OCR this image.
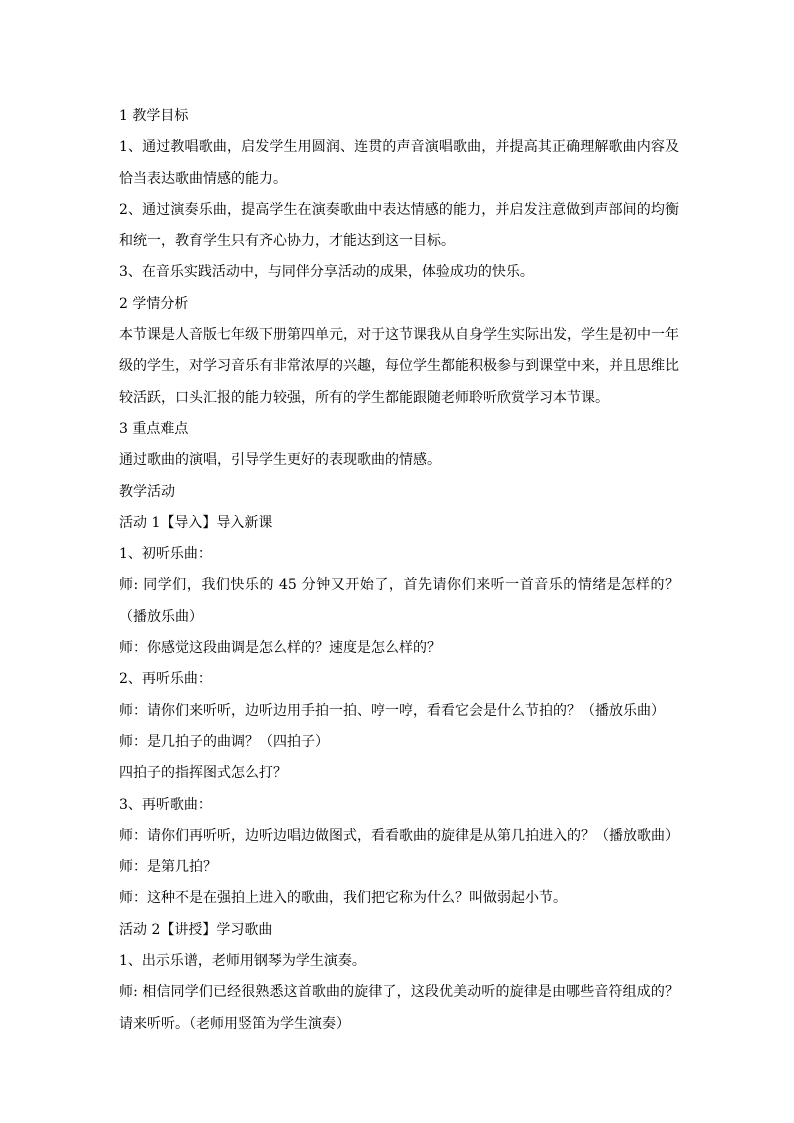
1 教学目标

1、通过教唱歌曲，启发学生用圆润、连贯的声音演唱歌曲，并提高其正确理解歌曲内容及恰当表达歌曲情感的能力。

2、通过演奏乐曲，提高学生在演奏歌曲中表达情感的能力，并启发注意做到声部间的均衡和统一，教育学生只有齐心协力，才能达到这一目标。

3、在音乐实践活动中，与同伴分享活动的成果，体验成功的快乐。

2 学情分析

本节课是人音版七年级下册第四单元，对于这节课我从自身学生实际出发，学生是初中一年级的学生，对学习音乐有非常浓厚的兴趣，每位学生都能积极参与到课堂中来，并且思维比较活跃，口头汇报的能力较强，所有的学生都能跟随老师聆听欣赏学习本节课。

3 重点难点

通过歌曲的演唱，引导学生更好的表现歌曲的情感。

教学活动

活动 1【导入】导入新课

1、初听乐曲：

师: 同学们，我们快乐的 45 分钟又开始了，首先请你们来听一首音乐的情绪是怎样的？（播放乐曲）

师：你感觉这段曲调是怎么样的？速度是怎么样的？

2、再听乐曲：

师：请你们来听听，边听边用手拍一拍、哼一哼，看看它会是什么节拍的？（播放乐曲）

师：是几拍子的曲调？（四拍子）

四拍子的指挥图式怎么打？

3、再听歌曲：

师：请你们再听听，边听边唱边做图式，看看歌曲的旋律是从第几拍进入的？（播放歌曲）

师：是第几拍？

师：这种不是在强拍上进入的歌曲，我们把它称为什么？叫做弱起小节。

活动 2【讲授】学习歌曲

1、出示乐谱，老师用钢琴为学生演奏。

师: 相信同学们已经很熟悉这首歌曲的旋律了，这段优美动听的旋律是由哪些音符组成的？请来听听。（老师用竖笛为学生演奏）
